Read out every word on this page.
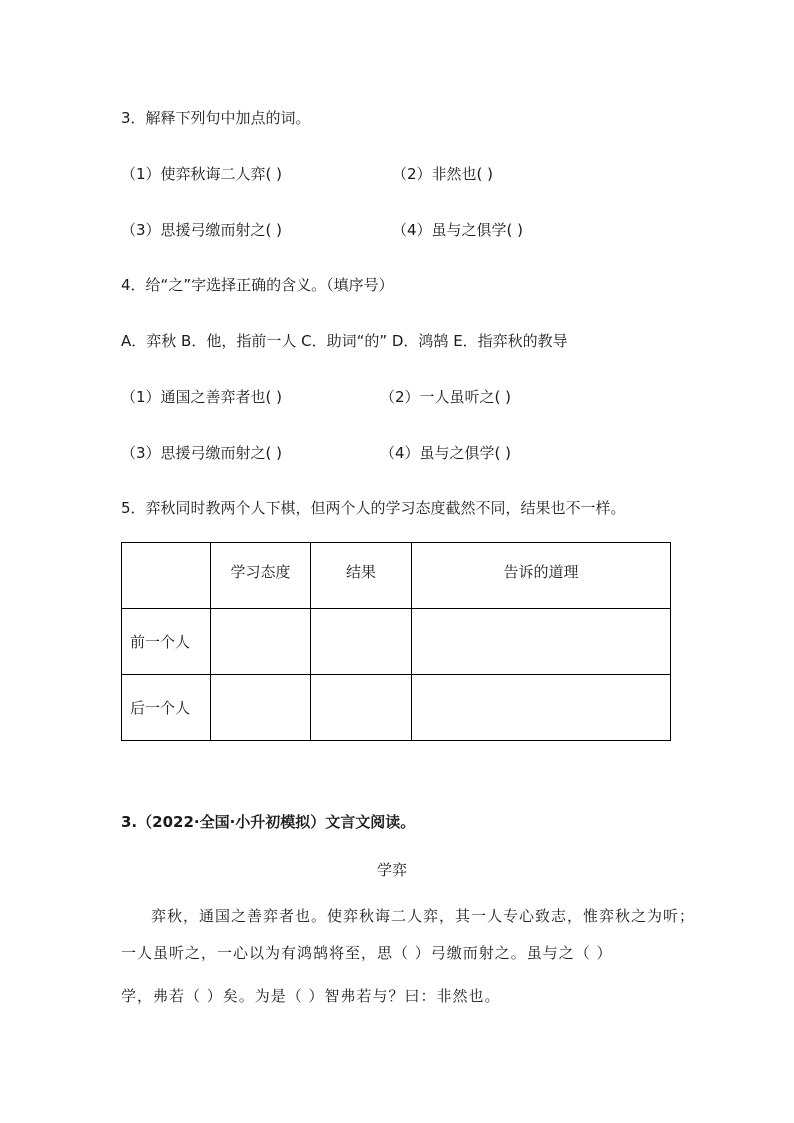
3．解释下列句中加点的词。
（1）使弈秋诲二人弈( )	（2）非然也( )
（3）思援弓缴而射之( )	（4）虽与之俱学( )
4．给“之”字选择正确的含义。（填序号）
A．弈秋 B．他，指前一人 C．助词“的” D．鸿鹄 E．指弈秋的教导
（1）通国之善弈者也( )	（2）一人虽听之( )
（3）思援弓缴而射之( )	（4）虽与之俱学( )
5．弈秋同时教两个人下棋，但两个人的学习态度截然不同，结果也不一样。
	学习态度	结果	告诉的道理
前一个人			
后一个人			
3.（2022·全国·小升初模拟）文言文阅读。
学弈
弈秋，通国之善弈者也。使弈秋诲二人弈，其一人专心致志，惟弈秋之为听；
一人虽听之，一心以为有鸿鹄将至，思（ ）弓缴而射之。虽与之（ ）
学，弗若（ ）矣。为是（ ）智弗若与？曰：非然也。
